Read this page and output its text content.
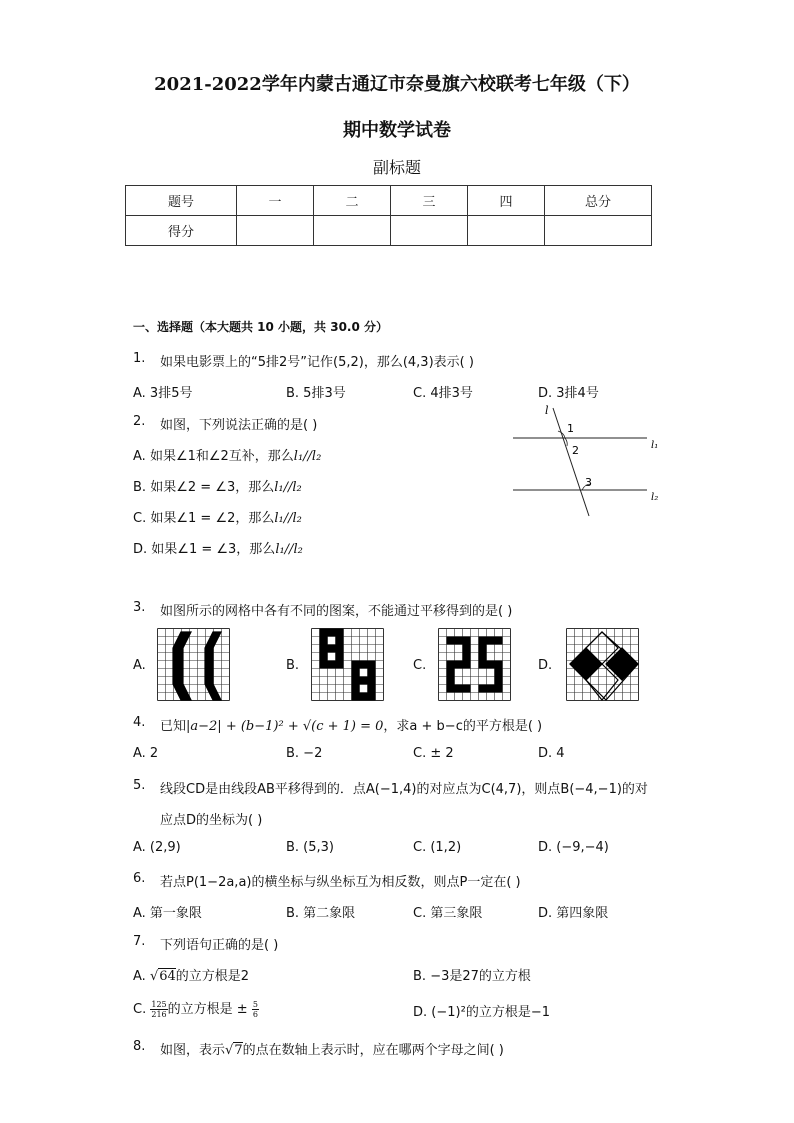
2021-2022学年内蒙古通辽市奈曼旗六校联考七年级（下）
期中数学试卷
副标题
题号	一	二	三	四	总分
得分					
一、选择题（本大题共 10 小题，共 30.0 分）
1. 如果电影票上的“5排2号”记作(5,2)，那么(4,3)表示( )
A. 3排5号	B. 5排3号	C. 4排3号	D. 3排4号
2. 如图，下列说法正确的是( )
A. 如果∠1和∠2互补，那么l₁//l₂
B. 如果∠2 = ∠3，那么l₁//l₂
C. 如果∠1 = ∠2，那么l₁//l₂
D. 如果∠1 = ∠3，那么l₁//l₂
l
1
2
3
l₁
l₂
3. 如图所示的网格中各有不同的图案，不能通过平移得到的是( )
A.	B.	C.	D.
4. 已知|a−2| + (b−1)² + √(c + 1) = 0，求a + b−c的平方根是( )
A. 2	B. −2	C. ± 2	D. 4
5. 线段CD是由线段AB平移得到的．点A(−1,4)的对应点为C(4,7)，则点B(−4,−1)的对
应点D的坐标为( )
A. (2,9)	B. (5,3)	C. (1,2)	D. (−9,−4)
6. 若点P(1−2a,a)的横坐标与纵坐标互为相反数，则点P一定在( )
A. 第一象限	B. 第二象限	C. 第三象限	D. 第四象限
7. 下列语句正确的是( )
A. √64的立方根是2	B. −3是27的立方根
C. $\frac{125}{216}$ 的立方根是 ± $\frac{5}{6}$	D. (−1)²的立方根是−1
8. 如图，表示√7的点在数轴上表示时，应在哪两个字母之间( )
